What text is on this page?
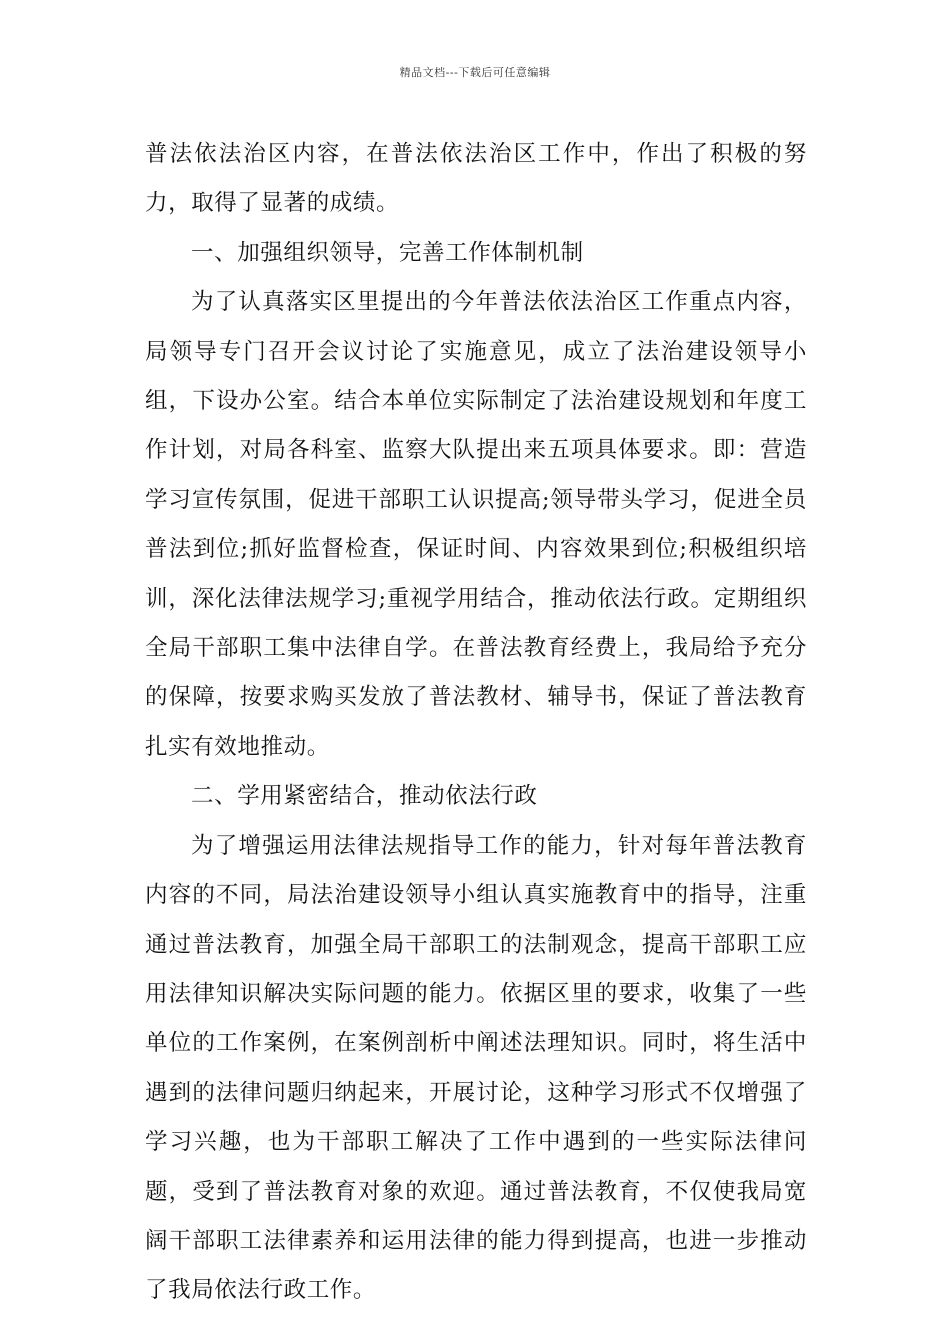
精品文档---下载后可任意编辑

普法依法治区内容，在普法依法治区工作中，作出了积极的努力，取得了显著的成绩。

一、加强组织领导，完善工作体制机制

为了认真落实区里提出的今年普法依法治区工作重点内容，局领导专门召开会议讨论了实施意见，成立了法治建设领导小组，下设办公室。结合本单位实际制定了法治建设规划和年度工作计划，对局各科室、监察大队提出来五项具体要求。即：营造学习宣传氛围，促进干部职工认识提高;领导带头学习，促进全员普法到位;抓好监督检查，保证时间、内容效果到位;积极组织培训，深化法律法规学习;重视学用结合，推动依法行政。定期组织全局干部职工集中法律自学。在普法教育经费上，我局给予充分的保障，按要求购买发放了普法教材、辅导书，保证了普法教育扎实有效地推动。

二、学用紧密结合，推动依法行政

为了增强运用法律法规指导工作的能力，针对每年普法教育内容的不同，局法治建设领导小组认真实施教育中的指导，注重通过普法教育，加强全局干部职工的法制观念，提高干部职工应用法律知识解决实际问题的能力。依据区里的要求，收集了一些单位的工作案例，在案例剖析中阐述法理知识。同时，将生活中遇到的法律问题归纳起来，开展讨论，这种学习形式不仅增强了学习兴趣，也为干部职工解决了工作中遇到的一些实际法律问题，受到了普法教育对象的欢迎。通过普法教育，不仅使我局宽阔干部职工法律素养和运用法律的能力得到提高，也进一步推动了我局依法行政工作。
